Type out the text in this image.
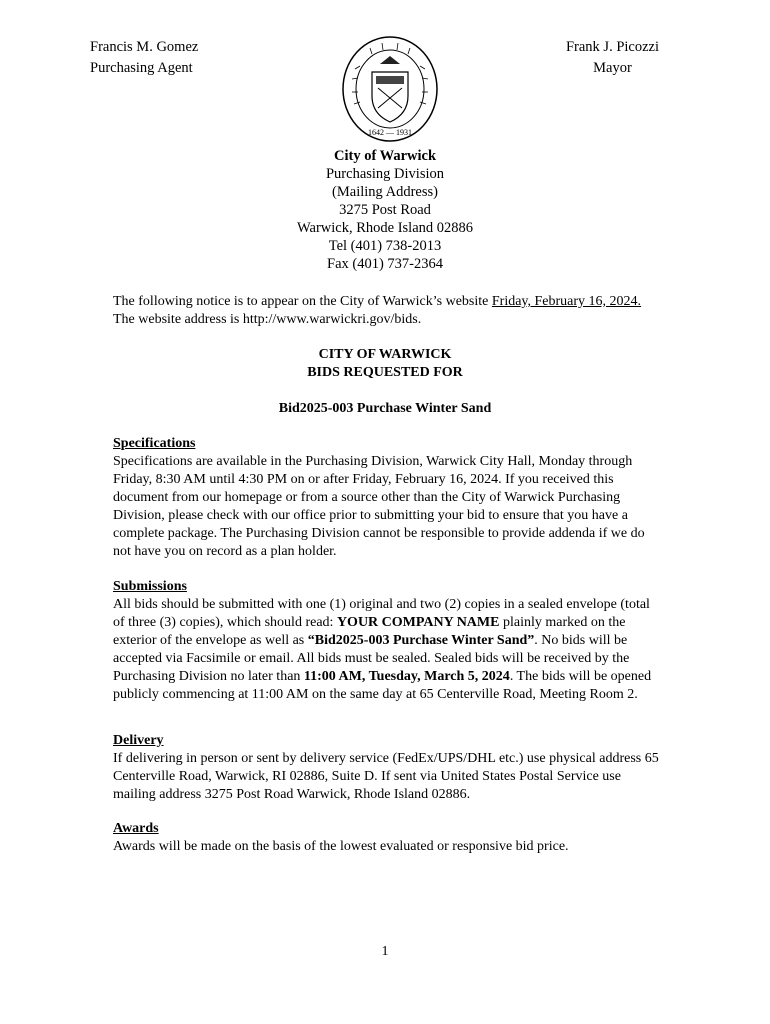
Francis M. Gomez
Purchasing Agent
Frank J. Picozzi
Mayor
1642 — 1931
City of Warwick
Purchasing Division
(Mailing Address)
3275 Post Road
Warwick, Rhode Island 02886
Tel (401) 738-2013
Fax (401) 737-2364
The following notice is to appear on the City of Warwick’s website Friday, February 16, 2024. The website address is http://www.warwickri.gov/bids.
CITY OF WARWICK
BIDS REQUESTED FOR
Bid2025-003 Purchase Winter Sand
Specifications

Specifications are available in the Purchasing Division, Warwick City Hall, Monday through Friday, 8:30 AM until 4:30 PM on or after Friday, February 16, 2024. If you received this document from our homepage or from a source other than the City of Warwick Purchasing Division, please check with our office prior to submitting your bid to ensure that you have a complete package. The Purchasing Division cannot be responsible to provide addenda if we do not have you on record as a plan holder.

Submissions

All bids should be submitted with one (1) original and two (2) copies in a sealed envelope (total of three (3) copies), which should read: YOUR COMPANY NAME plainly marked on the exterior of the envelope as well as “Bid2025-003 Purchase Winter Sand”. No bids will be accepted via Facsimile or email. All bids must be sealed. Sealed bids will be received by the Purchasing Division no later than 11:00 AM, Tuesday, March 5, 2024. The bids will be opened publicly commencing at 11:00 AM on the same day at 65 Centerville Road, Meeting Room 2.

Delivery

If delivering in person or sent by delivery service (FedEx/UPS/DHL etc.) use physical address 65 Centerville Road, Warwick, RI 02886, Suite D. If sent via United States Postal Service use mailing address 3275 Post Road Warwick, Rhode Island 02886.

Awards

Awards will be made on the basis of the lowest evaluated or responsive bid price.

1
